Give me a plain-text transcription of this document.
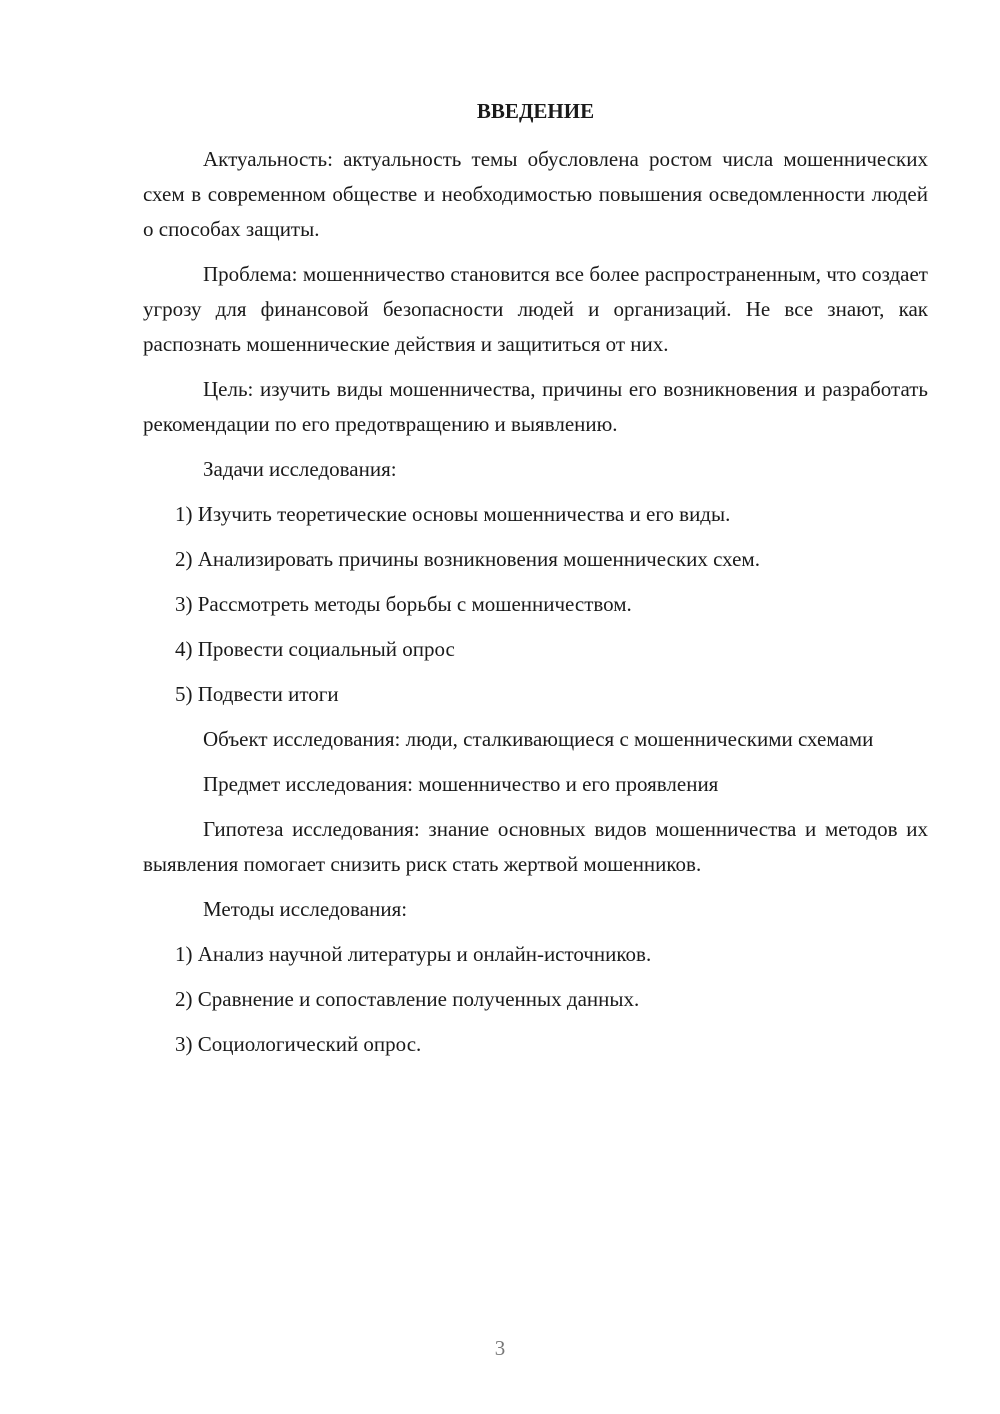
ВВЕДЕНИЕ

Актуальность: актуальность темы обусловлена ростом числа мошеннических схем в современном обществе и необходимостью повышения осведомленности людей о способах защиты.

Проблема: мошенничество становится все более распространенным, что создает угрозу для финансовой безопасности людей и организаций. Не все знают, как распознать мошеннические действия и защититься от них.

Цель: изучить виды мошенничества, причины его возникновения и разработать рекомендации по его предотвращению и выявлению.

Задачи исследования:

1) Изучить теоретические основы мошенничества и его виды.

2) Анализировать причины возникновения мошеннических схем.

3) Рассмотреть методы борьбы с мошенничеством.

4) Провести социальный опрос

5) Подвести итоги

Объект исследования: люди, сталкивающиеся с мошенническими схемами

Предмет исследования: мошенничество и его проявления

Гипотеза исследования: знание основных видов мошенничества и методов их выявления помогает снизить риск стать жертвой мошенников.

Методы исследования:

1) Анализ научной литературы и онлайн-источников.

2) Сравнение и сопоставление полученных данных.

3) Социологический опрос.

3
